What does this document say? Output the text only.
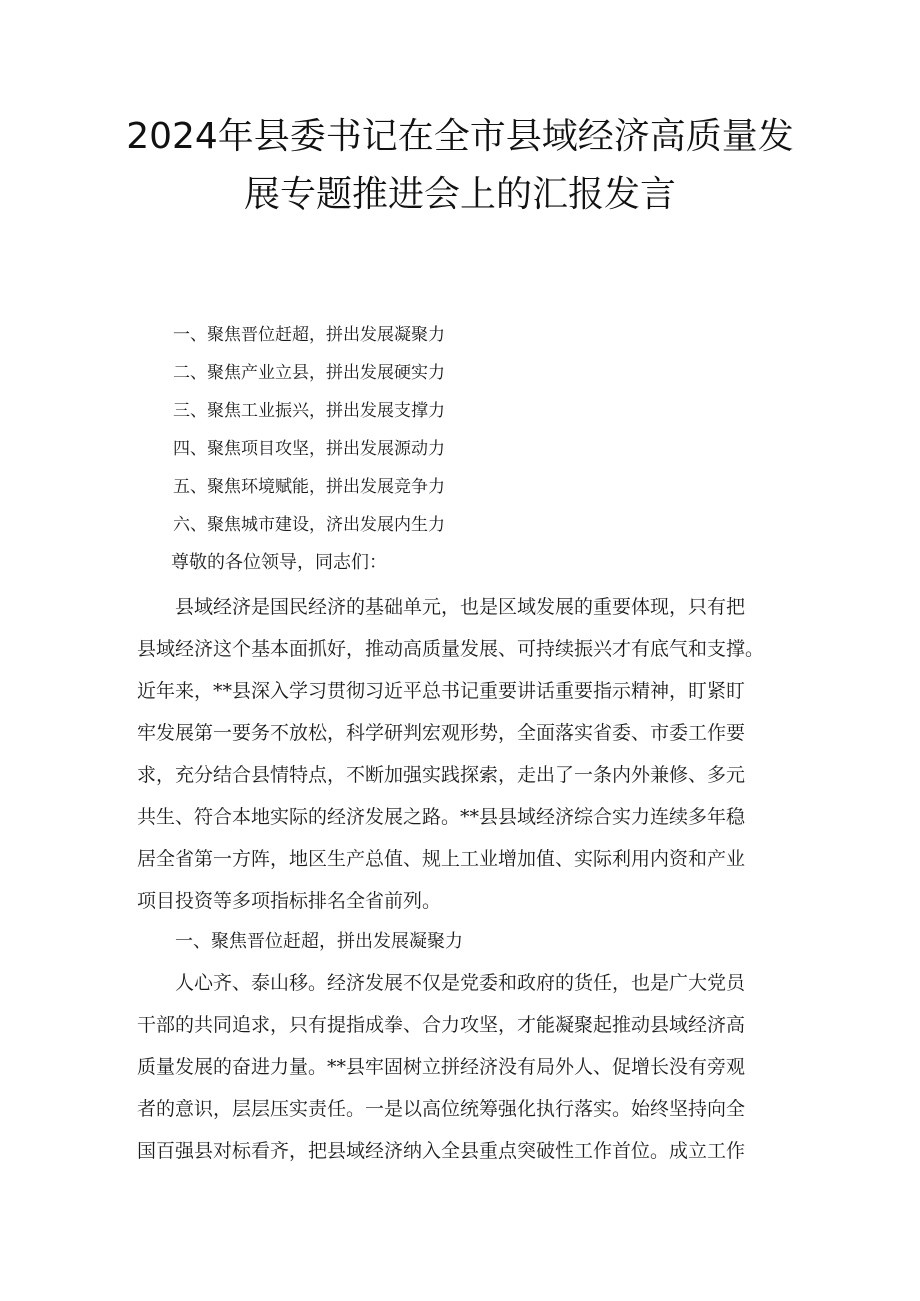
2024年县委书记在全市县域经济高质量发
展专题推进会上的汇报发言
一、聚焦晋位赶超，拼出发展凝聚力
二、聚焦产业立县，拼出发展硬实力
三、聚焦工业振兴，拼出发展支撑力
四、聚焦项目攻坚，拼出发展源动力
五、聚焦环境赋能，拼出发展竞争力
六、聚焦城市建设，济出发展内生力
尊敬的各位领导，同志们：
　　县域经济是国民经济的基础单元，也是区域发展的重要体现，只有把
县域经济这个基本面抓好，推动高质量发展、可持续振兴才有底气和支撑。
近年来，**县深入学习贯彻习近平总书记重要讲话重要指示精神，盯紧盯
牢发展第一要务不放松，科学研判宏观形势，全面落实省委、市委工作要
求，充分结合县情特点，不断加强实践探索，走出了一条内外兼修、多元
共生、符合本地实际的经济发展之路。**县县域经济综合实力连续多年稳
居全省第一方阵，地区生产总值、规上工业增加值、实际利用内资和产业
项目投资等多项指标排名全省前列。
一、聚焦晋位赶超，拼出发展凝聚力
　　人心齐、泰山移。经济发展不仅是党委和政府的货任，也是广大党员
干部的共同追求，只有提指成拳、合力攻坚，才能凝聚起推动县域经济高
质量发展的奋进力量。**县牢固树立拼经济没有局外人、促增长没有旁观
者的意识，层层压实责任。一是以高位统筹强化执行落实。始终坚持向全
国百强县对标看齐，把县域经济纳入全县重点突破性工作首位。成立工作
